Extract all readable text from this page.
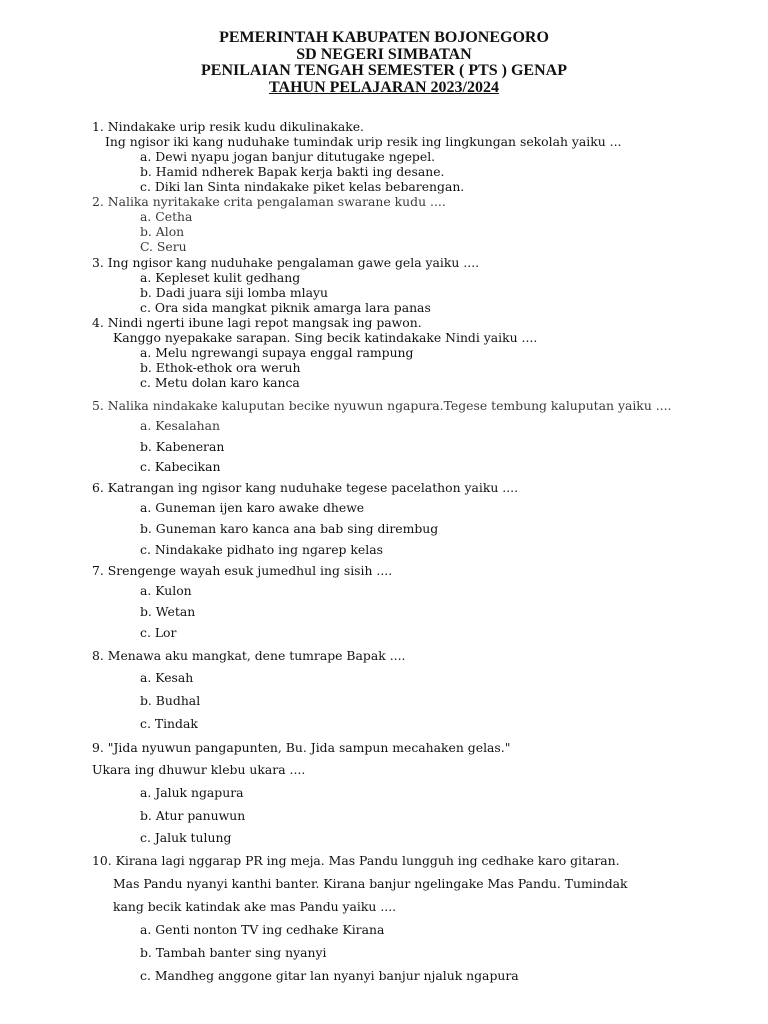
PEMERINTAH KABUPATEN BOJONEGORO
SD NEGERI SIMBATAN
PENILAIAN TENGAH SEMESTER ( PTS ) GENAP
TAHUN PELAJARAN 2023/2024
1. Nindakake urip resik kudu dikulinakake.
Ing ngisor iki kang nuduhake tumindak urip resik ing lingkungan sekolah yaiku ...
a. Dewi nyapu jogan banjur ditutugake ngepel.
b. Hamid ndherek Bapak kerja bakti ing desane.
c. Diki lan Sinta nindakake piket kelas bebarengan.
2. Nalika nyritakake crita pengalaman swarane kudu ....
a. Cetha
b. Alon
C. Seru
3. Ing ngisor kang nuduhake pengalaman gawe gela yaiku ....
a. Kepleset kulit gedhang
b. Dadi juara siji lomba mlayu
c. Ora sida mangkat piknik amarga lara panas
4. Nindi ngerti ibune lagi repot mangsak ing pawon.
Kanggo nyepakake sarapan. Sing becik katindakake Nindi yaiku ....
a. Melu ngrewangi supaya enggal rampung
b. Ethok-ethok ora weruh
c. Metu dolan karo kanca
5. Nalika nindakake kaluputan becike nyuwun ngapura.Tegese tembung kaluputan yaiku ....
a. Kesalahan
b. Kabeneran
c. Kabecikan
6. Katrangan ing ngisor kang nuduhake tegese pacelathon yaiku ....
a. Guneman ijen karo awake dhewe
b. Guneman karo kanca ana bab sing dirembug
c. Nindakake pidhato ing ngarep kelas
7. Srengenge wayah esuk jumedhul ing sisih ....
a. Kulon
b. Wetan
c. Lor
8. Menawa aku mangkat, dene tumrape Bapak ....
a. Kesah
b. Budhal
c. Tindak
9. "Jida nyuwun pangapunten, Bu. Jida sampun mecahaken gelas."
Ukara ing dhuwur klebu ukara ....
a. Jaluk ngapura
b. Atur panuwun
c. Jaluk tulung
10. Kirana lagi nggarap PR ing meja. Mas Pandu lungguh ing cedhake karo gitaran.
Mas Pandu nyanyi kanthi banter. Kirana banjur ngelingake Mas Pandu. Tumindak
kang becik katindak ake mas Pandu yaiku ....
a. Genti nonton TV ing cedhake Kirana
b. Tambah banter sing nyanyi
c. Mandheg anggone gitar lan nyanyi banjur njaluk ngapura
